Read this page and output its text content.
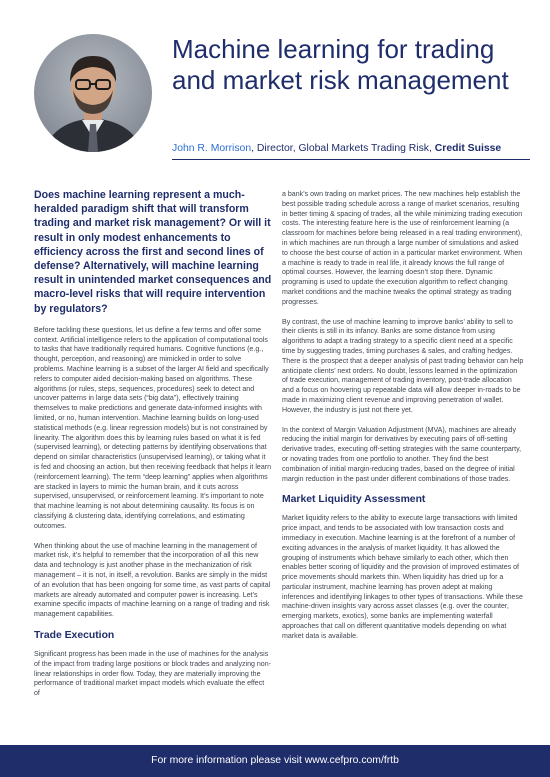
Machine learning for trading and market risk management
John R. Morrison, Director, Global Markets Trading Risk, Credit Suisse
Does machine learning represent a much-heralded paradigm shift that will transform trading and market risk management? Or will it result in only modest enhancements to efficiency across the first and second lines of defense? Alternatively, will machine learning result in unintended market consequences and macro-level risks that will require intervention by regulators?

Before tackling these questions, let us define a few terms and offer some context. Artificial intelligence refers to the application of computational tools to tasks that have traditionally required humans. Cognitive functions (e.g., thought, perception, and reasoning) are mimicked in order to solve problems. Machine learning is a subset of the larger AI field and specifically refers to computer aided decision-making based on algorithms. These algorithms (or rules, steps, sequences, procedures) seek to detect and uncover patterns in large data sets (“big data”), effectively training themselves to make predictions and generate data-informed insights with limited, or no, human intervention. Machine learning builds on long-used statistical methods (e.g. linear regression models) but is not constrained by linearity. The algorithm does this by learning rules based on what it is fed (supervised learning), or detecting patterns by identifying observations that depend on similar characteristics (unsupervised learning), or taking what it is fed and choosing an action, but then receiving feedback that helps it learn (reinforcement learning). The term “deep learning” applies when algorithms are stacked in layers to mimic the human brain, and it cuts across supervised, unsupervised, or reinforcement learning. It’s important to note that machine learning is not about determining causality. Its focus is on classifying & clustering data, identifying correlations, and estimating outcomes.

When thinking about the use of machine learning in the management of market risk, it’s helpful to remember that the incorporation of all this new data and technology is just another phase in the mechanization of risk management – it is not, in itself, a revolution. Banks are simply in the midst of an evolution that has been ongoing for some time, as vast parts of capital markets are already automated and computer power is increasing. Let’s examine specific impacts of machine learning on a range of trading and risk management capabilities.

Trade Execution

Significant progress has been made in the use of machines for the analysis of the impact from trading large positions or block trades and analyzing non-linear relationships in order flow. Today, they are materially improving the performance of traditional market impact models which evaluate the effect of

a bank’s own trading on market prices. The new machines help establish the best possible trading schedule across a range of market scenarios, resulting in better timing & spacing of trades, all the while minimizing trading execution costs. The interesting feature here is the use of reinforcement learning (a classroom for machines before being released in a real trading environment), in which machines are run through a large number of simulations and asked to choose the best course of action in a particular market environment. When a machine is ready to trade in real life, it already knows the full range of optimal courses. However, the learning doesn’t stop there. Dynamic programing is used to update the execution algorithm to reflect changing market conditions and the machine tweaks the optimal strategy as trading progresses.

By contrast, the use of machine learning to improve banks’ ability to sell to their clients is still in its infancy. Banks are some distance from using algorithms to adapt a trading strategy to a specific client need at a specific time by suggesting trades, timing purchases & sales, and crafting hedges. There is the prospect that a deeper analysis of past trading behavior can help anticipate clients’ next orders. No doubt, lessons learned in the optimization of trade execution, management of trading inventory, post-trade allocation and a focus on hoovering up repeatable data will allow deeper in-roads to be made in maximizing client revenue and improving penetration of wallet. However, the industry is just not there yet.

In the context of Margin Valuation Adjustment (MVA), machines are already reducing the initial margin for derivatives by executing pairs of off-setting derivative trades, executing off-setting strategies with the same counterparty, or novating trades from one portfolio to another. They find the best combination of initial margin-reducing trades, based on the degree of initial margin reduction in the past under different combinations of those trades.

Market Liquidity Assessment

Market liquidity refers to the ability to execute large transactions with limited price impact, and tends to be associated with low transaction costs and immediacy in execution. Machine learning is at the forefront of a number of exciting advances in the analysis of market liquidity. It has allowed the grouping of instruments which behave similarly to each other, which then enables better scoring of liquidity and the provision of improved estimates of price movements should markets thin. When liquidity has dried up for a particular instrument, machine learning has proven adept at making inferences and identifying linkages to other types of transactions. While these machine-driven insights vary across asset classes (e.g. over the counter, emerging markets, exotics), some banks are implementing waterfall approaches that call on different quantitative models depending on what market data is available.

For more information please visit www.cefpro.com/frtb
